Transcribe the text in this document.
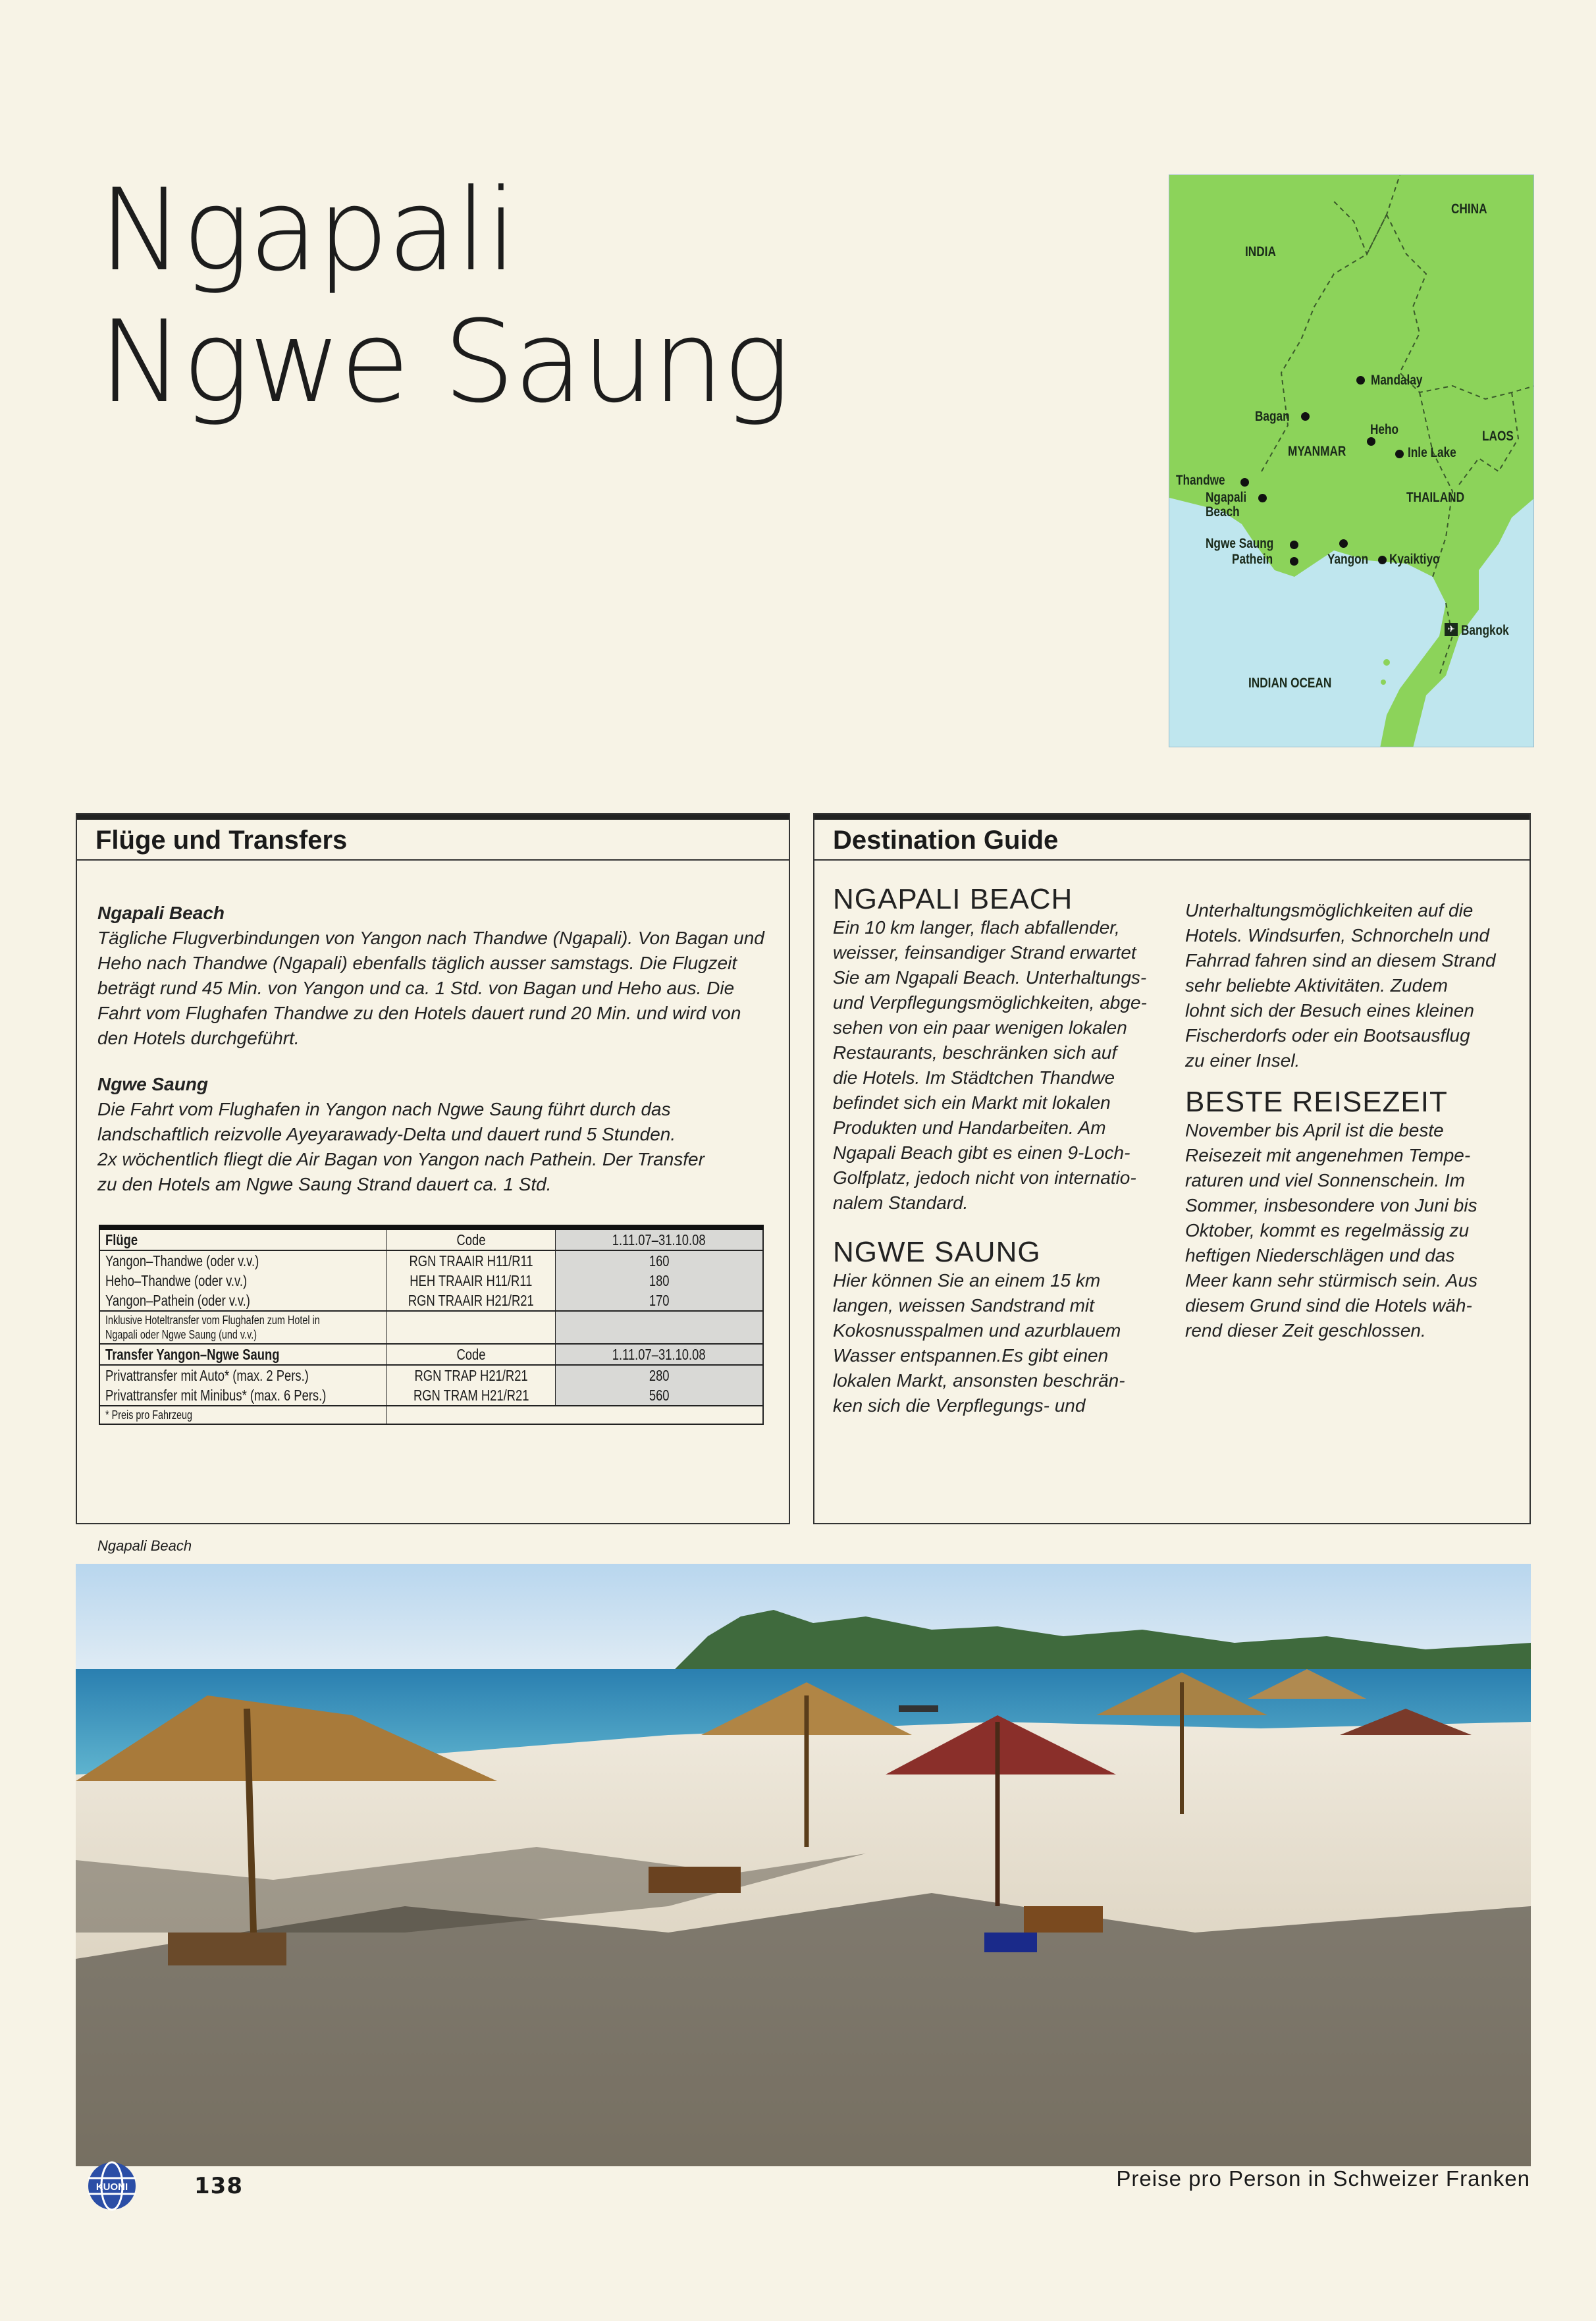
Ngapali
Ngwe Saung
CHINA
INDIA
Mandalay
Bagan
Heho	LAOS
MYANMAR	Inle Lake
Thandwe
Ngapali
Beach
THAILAND
Ngwe Saung
Pathein	Yangon Kyaiktiyo
✈ Bangkok
INDIAN OCEAN
Flüge und Transfers
Ngapali Beach
Tägliche Flugverbindungen von Yangon nach Thandwe (Ngapali). Von Bagan und
Heho nach Thandwe (Ngapali) ebenfalls täglich ausser samstags. Die Flugzeit
beträgt rund 45 Min. von Yangon und ca. 1 Std. von Bagan und Heho aus. Die
Fahrt vom Flughafen Thandwe zu den Hotels dauert rund 20 Min. und wird von
den Hotels durchgeführt.
Ngwe Saung
Die Fahrt vom Flughafen in Yangon nach Ngwe Saung führt durch das
landschaftlich reizvolle Ayeyarawady-Delta und dauert rund 5 Stunden.
2x wöchentlich fliegt die Air Bagan von Yangon nach Pathein. Der Transfer
zu den Hotels am Ngwe Saung Strand dauert ca. 1 Std.
Flüge	Code	1.11.07–31.10.08
Yangon–Thandwe (oder v.v.)	RGN TRAAIR H11/R11	160
Heho–Thandwe (oder v.v.)	HEH TRAAIR H11/R11	180
Yangon–Pathein (oder v.v.)	RGN TRAAIR H21/R21	170
Inklusive Hoteltransfer vom Flughafen zum Hotel in
Ngapali oder Ngwe Saung (und v.v.)		
Transfer Yangon–Ngwe Saung	Code	1.11.07–31.10.08
Privattransfer mit Auto* (max. 2 Pers.)	RGN TRAP H21/R21	280
Privattransfer mit Minibus* (max. 6 Pers.)	RGN TRAM H21/R21	560
* Preis pro Fahrzeug		
Destination Guide
NGAPALI BEACH
Ein 10 km langer, flach abfallender,
weisser, feinsandiger Strand erwartet
Sie am Ngapali Beach. Unterhaltungs-
und Verpflegungsmöglichkeiten, abge-
sehen von ein paar wenigen lokalen
Restaurants, beschränken sich auf
die Hotels. Im Städtchen Thandwe
befindet sich ein Markt mit lokalen
Produkten und Handarbeiten. Am
Ngapali Beach gibt es einen 9-Loch-
Golfplatz, jedoch nicht von internatio-
nalem Standard.
NGWE SAUNG
Hier können Sie an einem 15 km
langen, weissen Sandstrand mit
Kokosnusspalmen und azurblauem
Wasser entspannen.Es gibt einen
lokalen Markt, ansonsten beschrän-
ken sich die Verpflegungs- und
Unterhaltungsmöglichkeiten auf die
Hotels. Windsurfen, Schnorcheln und
Fahrrad fahren sind an diesem Strand
sehr beliebte Aktivitäten. Zudem
lohnt sich der Besuch eines kleinen
Fischerdorfs oder ein Bootsausflug
zu einer Insel.
BESTE REISEZEIT
November bis April ist die beste
Reisezeit mit angenehmen Tempe-
raturen und viel Sonnenschein. Im
Sommer, insbesondere von Juni bis
Oktober, kommt es regelmässig zu
heftigen Niederschlägen und das
Meer kann sehr stürmisch sein. Aus
diesem Grund sind die Hotels wäh-
rend dieser Zeit geschlossen.
Ngapali Beach
KUONI	138	Preise pro Person in Schweizer Franken
